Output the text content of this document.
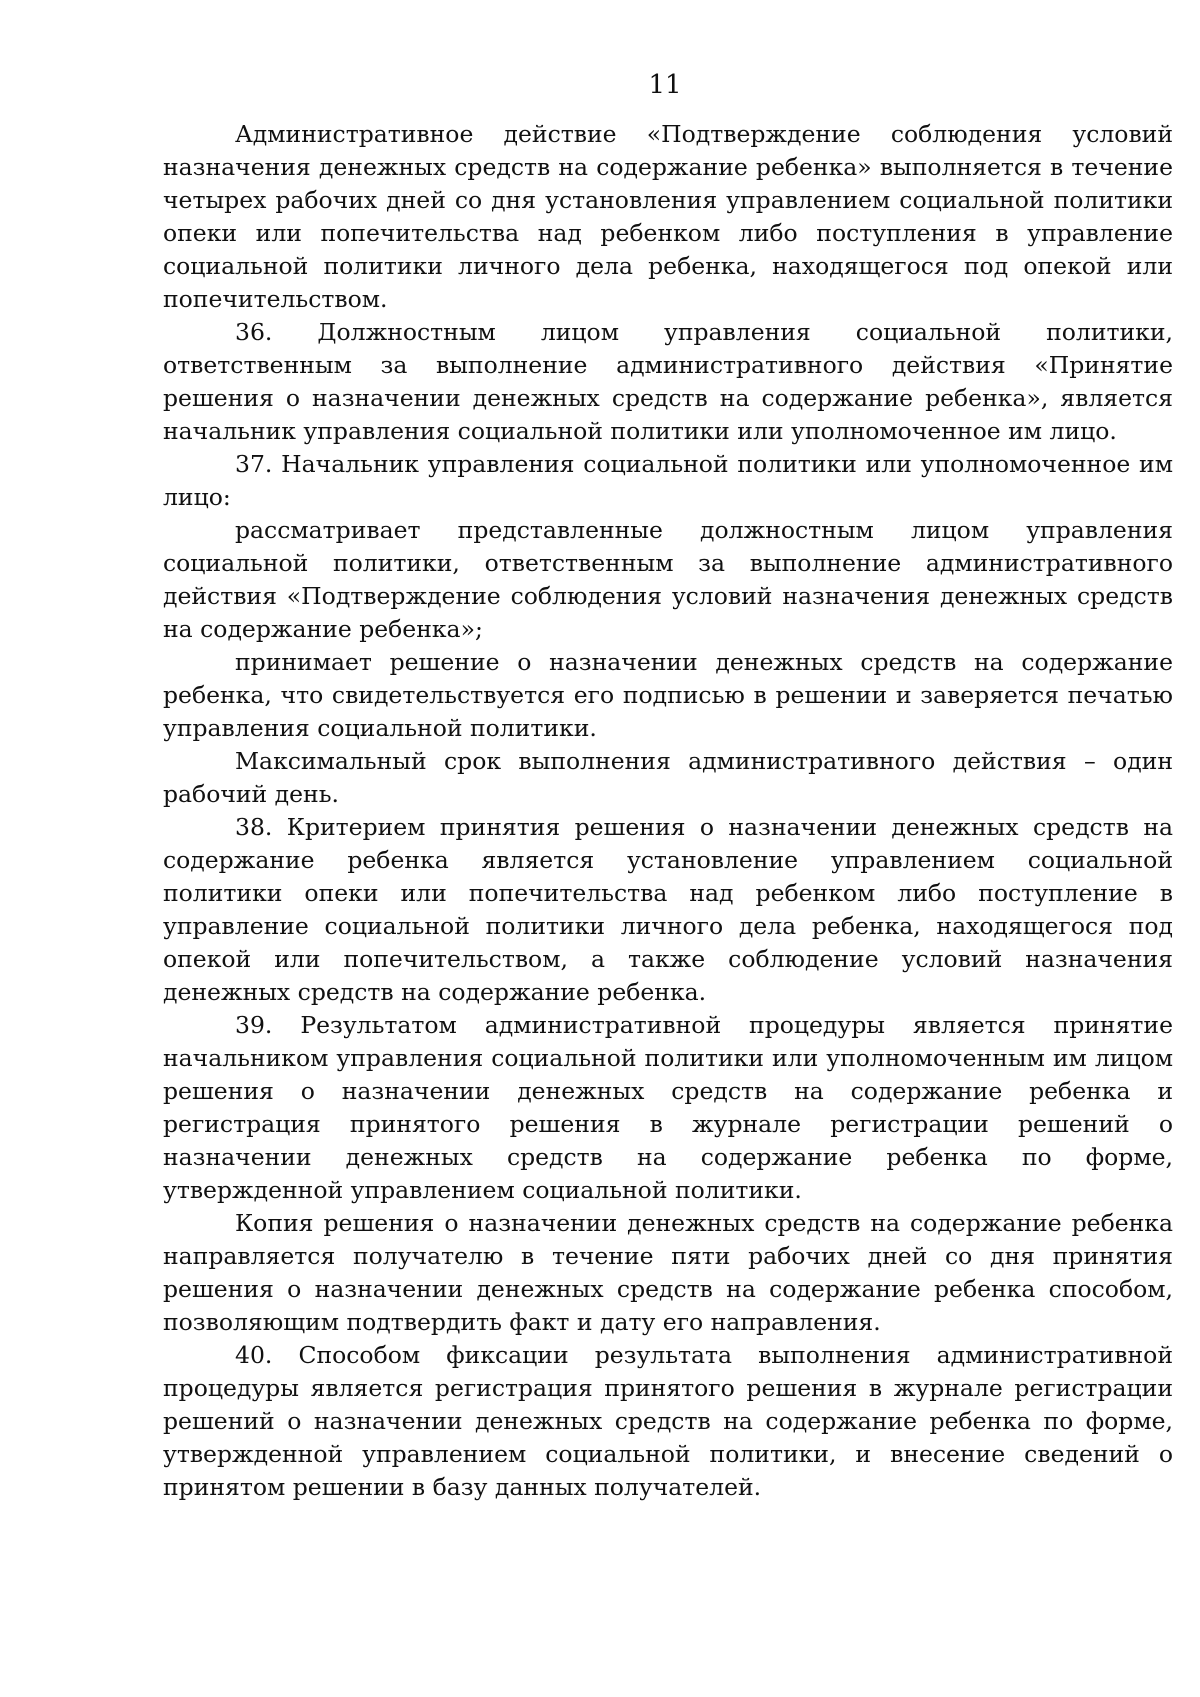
11

Административное действие «Подтверждение соблюдения условий назначения денежных средств на содержание ребенка» выполняется в течение четырех рабочих дней со дня установления управлением социальной политики опеки или попечительства над ребенком либо поступления в управление социальной политики личного дела ребенка, находящегося под опекой или попечительством.

36. Должностным лицом управления социальной политики, ответственным за выполнение административного действия «Принятие решения о назначении денежных средств на содержание ребенка», является начальник управления социальной политики или уполномоченное им лицо.

37. Начальник управления социальной политики или уполномоченное им лицо:

рассматривает представленные должностным лицом управления социальной политики, ответственным за выполнение административного действия «Подтверждение соблюдения условий назначения денежных средств на содержание ребенка»;

принимает решение о назначении денежных средств на содержание ребенка, что свидетельствуется его подписью в решении и заверяется печатью управления социальной политики.

Максимальный срок выполнения административного действия – один рабочий день.

38. Критерием принятия решения о назначении денежных средств на содержание ребенка является установление управлением социальной политики опеки или попечительства над ребенком либо поступление в управление социальной политики личного дела ребенка, находящегося под опекой или попечительством, а также соблюдение условий назначения денежных средств на содержание ребенка.

39. Результатом административной процедуры является принятие начальником управления социальной политики или уполномоченным им лицом решения о назначении денежных средств на содержание ребенка и регистрация принятого решения в журнале регистрации решений о назначении денежных средств на содержание ребенка по форме, утвержденной управлением социальной политики.

Копия решения о назначении денежных средств на содержание ребенка направляется получателю в течение пяти рабочих дней со дня принятия решения о назначении денежных средств на содержание ребенка способом, позволяющим подтвердить факт и дату его направления.

40. Способом фиксации результата выполнения административной процедуры является регистрация принятого решения в журнале регистрации решений о назначении денежных средств на содержание ребенка по форме, утвержденной управлением социальной политики, и внесение сведений о принятом решении в базу данных получателей.
